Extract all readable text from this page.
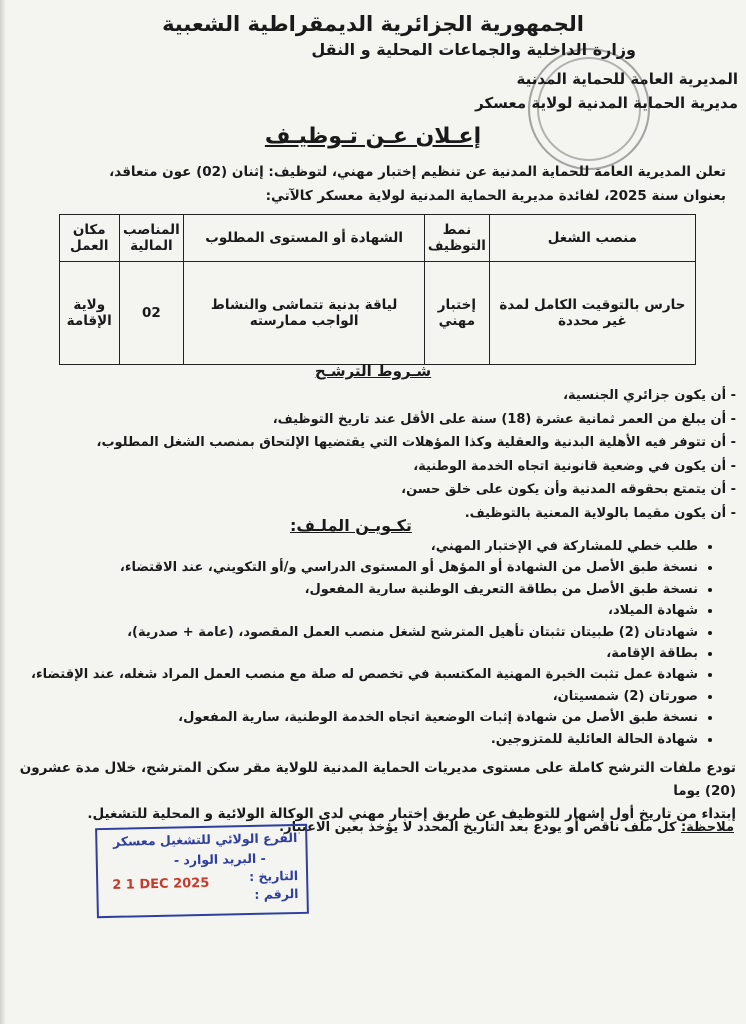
الجمهورية الجزائرية الديمقراطية الشعبية
وزارة الداخلية والجماعات المحلية و النقل
المديرية العامة للحماية المدنية
مديرية الحماية المدنية لولاية معسكر
إعـلان عـن تـوظيـف
تعلن المديرية العامة للحماية المدنية عن تنظيم إختبار مهني، لتوظيف: إثنان (02) عون متعاقد،
بعنوان سنة 2025، لفائدة مديرية الحماية المدنية لولاية معسكر كالآتي:
منصب الشغل	نمط التوظيف	الشهادة أو المستوى المطلوب	المناصب المالية	مكان العمل
حارس بالتوقيت الكامل لمدة غير محددة	إختبار مهني	لياقة بدنية تتماشى والنشاط الواجب ممارسته	02	ولاية الإقامة
شـروط الترشـح
- أن يكون جزائري الجنسية،
- أن يبلغ من العمر ثمانية عشرة (18) سنة على الأقل عند تاريخ التوظيف،
- أن تتوفر فيه الأهلية البدنية والعقلية وكذا المؤهلات التي يقتضيها الإلتحاق بمنصب الشغل المطلوب،
- أن يكون في وضعية قانونية اتجاه الخدمة الوطنية،
- أن يتمتع بحقوقه المدنية وأن يكون على خلق حسن،
- أن يكون مقيما بالولاية المعنية بالتوظيف.
تكـويـن الملـف:
• طلب خطي للمشاركة في الإختبار المهني،
• نسخة طبق الأصل من الشهادة أو المؤهل أو المستوى الدراسي و/أو التكويني، عند الاقتضاء،
• نسخة طبق الأصل من بطاقة التعريف الوطنية سارية المفعول،
• شهادة الميلاد،
• شهادتان (2) طبيتان تثبتان تأهيل المترشح لشغل منصب العمل المقصود، (عامة + صدرية)،
• بطاقة الإقامة،
• شهادة عمل تثبت الخبرة المهنية المكتسبة في تخصص له صلة مع منصب العمل المراد شغله، عند الإقتضاء،
• صورتان (2) شمسيتان،
• نسخة طبق الأصل من شهادة إثبات الوضعية اتجاه الخدمة الوطنية، سارية المفعول،
• شهادة الحالة العائلية للمتزوجين.
تودع ملفات الترشح كاملة على مستوى مديريات الحماية المدنية للولاية مقر سكن المترشح، خلال مدة عشرون (20) يوما
إبتداء من تاريخ أول إشهار للتوظيف عن طريق إختبار مهني لدى الوكالة الولائية و المحلية للتشغيل.
ملاحظة: كل ملف ناقص أو يودع بعد التاريخ المحدد لا يؤخذ بعين الاعتبار.
الفرع الولائي للتشغيل معسكر
- البريد الوارد -
التاريخ :
الرقم :
2 1 DEC 2025
